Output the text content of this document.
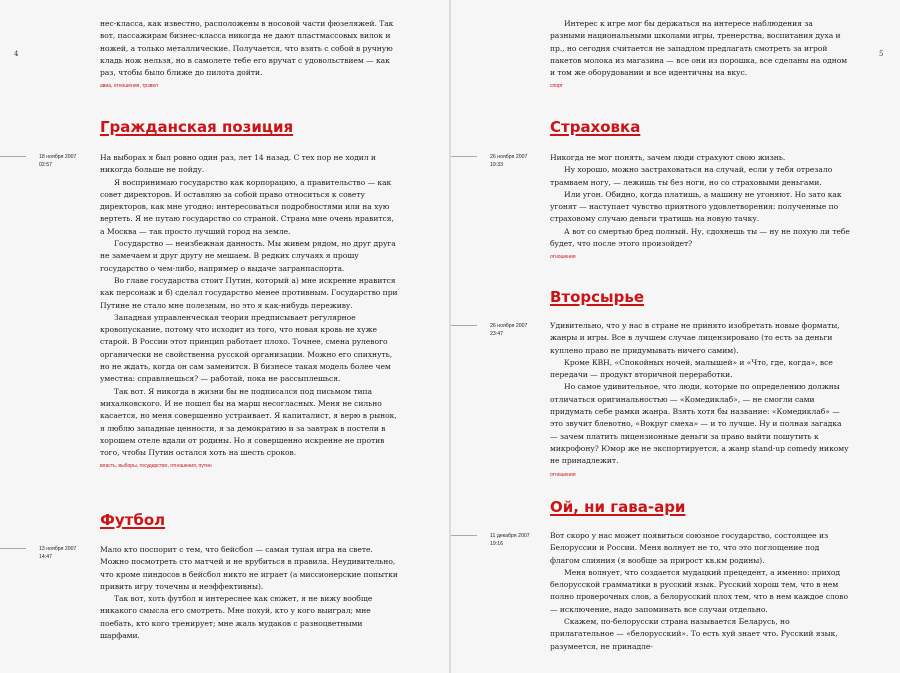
4

нес-класса, как известно, расположены в носовой части фюзеляжей. Так вот, пассажирам бизнес-класса никогда не дают пластмассовых вилок и ножей, а только металлические. Получается, что взять с собой в ручную кладь нож нельзя, но в самолете тебе его вручат с удовольствием — как раз, чтобы было ближе до пилота дойти.

авиа, отношения, трэвел
Гражданская позиция
18 ноября 2007
02:57

На выборах я был ровно один раз, лет 14 назад. С тех пор не ходил и никогда больше не пойду.

Я воспринимаю государство как корпорацию, а правительство — как совет директоров. И оставляю за собой право относиться к совету директоров, как мне угодно: интересоваться подробностями или на хую вертеть. Я не путаю государство со страной. Страна мне очень нравится, а Москва — так просто лучший город на земле.

Государство — неизбежная данность. Мы живем рядом, но друг друга не замечаем и друг другу не мешаем. В редких случаях я прошу государство о чем-либо, например о выдаче загранпаспорта.

Во главе государства стоит Путин, который а) мне искренне нравится как персонаж и б) сделал государство менее противным. Государство при Путине не стало мне полезным, но это я как-нибудь переживу.

Западная управленческая теория предписывает регулярное кровопускание, потому что исходит из того, что новая кровь не хуже старой. В России этот принцип работает плохо. Точнее, смена рулевого органически не свойственна русской организации. Можно его спихнуть, но не ждать, когда он сам заменится. В бизнесе такая модель более чем уместна: справляешься? — работай, пока не рассыплешься.

Так вот. Я никогда в жизни бы не подписался под письмом типа михалковского. И не пошел бы на марш несогласных. Меня не сильно касается, но меня совершенно устраивает. Я капиталист, я верю в рынок, я люблю западные ценности, я за демократию и за завтрак в постели в хорошем отеле вдали от родины. Но я совершенно искренне не против того, чтобы Путин остался хоть на шесть сроков.

власть, выборы, государство, отношения, путин
Футбол
13 ноября 2007
14:47

Мало кто поспорит с тем, что бейсбол — самая тупая игра на свете. Можно посмотреть сто матчей и не врубиться в правила. Неудивительно, что кроме пиндосов в бейсбол никто не играет (а миссионерские попытки привить игру точечны и неэффективны).

Так вот, хоть футбол и интереснее как сюжет, я не вижу вообще никакого смысла его смотреть. Мне похуй, кто у кого выиграл; мне поебать, кто кого тренирует; мне жаль мудаков с разноцветными шарфами.

5

Интерес к игре мог бы держаться на интересе наблюдения за разными национальными школами игры, тренерства, воспитания духа и пр., но сегодня считается не западлом предлагать смотреть за игрой пакетов молока из магазина — все они из порошка, все сделаны на одном и том же оборудовании и все идентичны на вкус.

спорт
Страховка
26 ноября 2007
19:33

Никогда не мог понять, зачем люди страхуют свою жизнь.

Ну хорошо, можно застраховаться на случай, если у тебя отрезало трамваем ногу, — лежишь ты без ноги, но со страховыми деньгами.

Или угон. Обидно, когда платишь, а машину не угоняют. Но зато как угонят — наступает чувство приятного удовлетворения: полученные по страховому случаю деньги тратишь на новую тачку.

А вот со смертью бред полный. Ну, сдохнешь ты — ну не похую ли тебе будет, что после этого произойдет?

отношения
Вторсырье
26 ноября 2007
23:47

Удивительно, что у нас в стране не принято изобретать новые форматы, жанры и игры. Все в лучшем случае лицензировано (то есть за деньги куплено право не придумывать ничего самим).

Кроме КВН, «Спокойных ночей, малышей» и «Что, где, когда», все передачи — продукт вторичной переработки.

Но самое удивительное, что люди, которые по определению должны отличаться оригинальностью — «Комедиклаб», — не смогли сами придумать себе рамки жанра. Взять хотя бы название: «Комедиклаб» — это звучит блевотно, «Вокруг смеха» — и то лучше. Ну и полная загадка — зачем платить лицензионные деньги за право выйти пошутить к микрофону? Юмор же не экспортируется, а жанр stand-up comedy никому не принадлежит.

отношения
Ой, ни гава-ари
11 декабря 2007
19:16

Вот скоро у нас может появиться союзное государство, состоящее из Белоруссии и России. Меня волнует не то, что это поглощение под флагом слияния (я вообще за прирост кв.км родины).

Меня волнует, что создается мудацкий прецедент, а именно: приход белорусской грамматики в русский язык. Русский хорош тем, что в нем полно проверочных слов, а белорусский плох тем, что в нем каждое слово — исключение, надо запоминать все случаи отдельно.

Скажем, по-белорусски страна называется Беларусь, но прилагательное — «белорусский». То есть хуй знает что. Русский язык, разумеется, не принадле-
